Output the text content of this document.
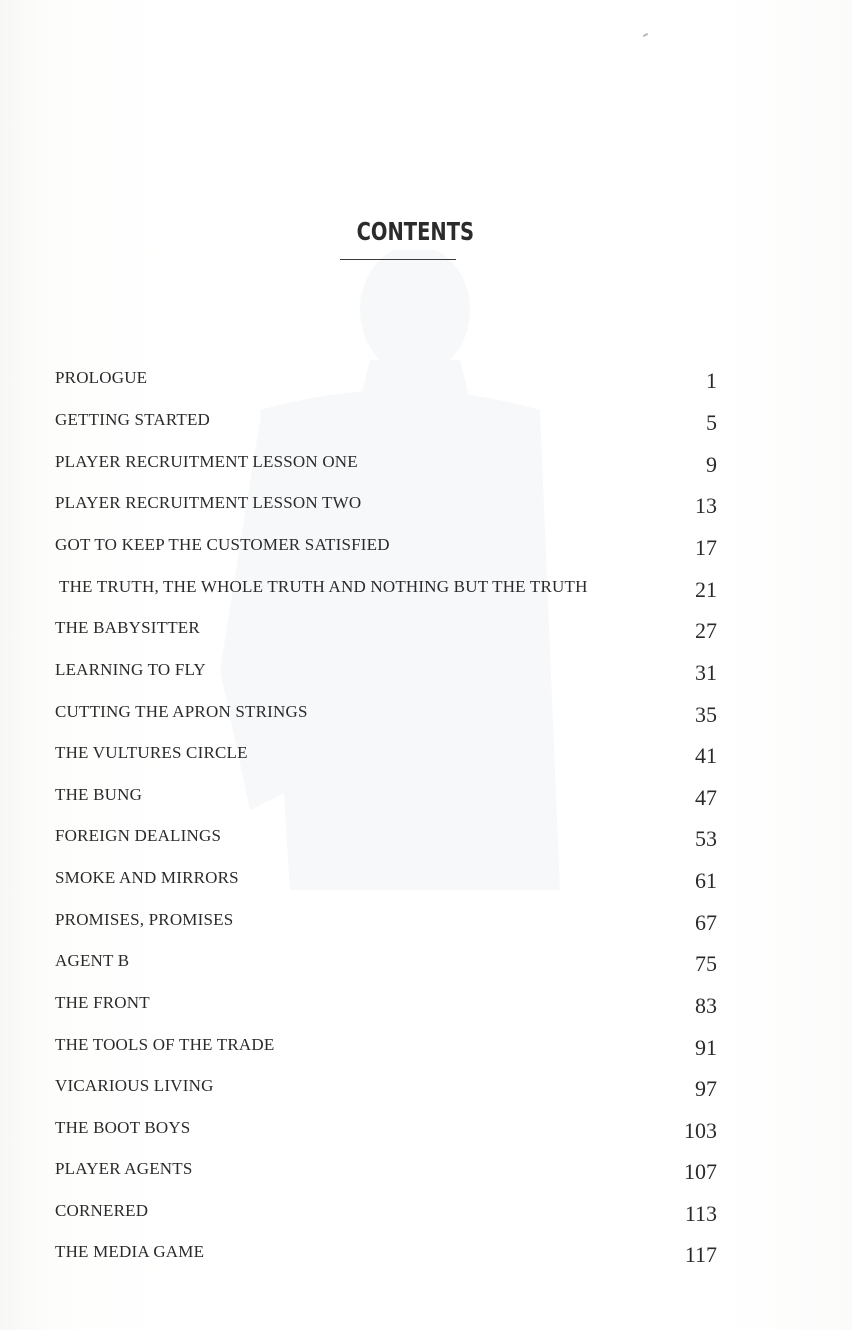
CONTENTS
PROLOGUE	1
GETTING STARTED	5
PLAYER RECRUITMENT LESSON ONE	9
PLAYER RECRUITMENT LESSON TWO	13
GOT TO KEEP THE CUSTOMER SATISFIED	17
THE TRUTH, THE WHOLE TRUTH AND NOTHING BUT THE TRUTH	21
THE BABYSITTER	27
LEARNING TO FLY	31
CUTTING THE APRON STRINGS	35
THE VULTURES CIRCLE	41
THE BUNG	47
FOREIGN DEALINGS	53
SMOKE AND MIRRORS	61
PROMISES, PROMISES	67
AGENT B	75
THE FRONT	83
THE TOOLS OF THE TRADE	91
VICARIOUS LIVING	97
THE BOOT BOYS	103
PLAYER AGENTS	107
CORNERED	113
THE MEDIA GAME	117
